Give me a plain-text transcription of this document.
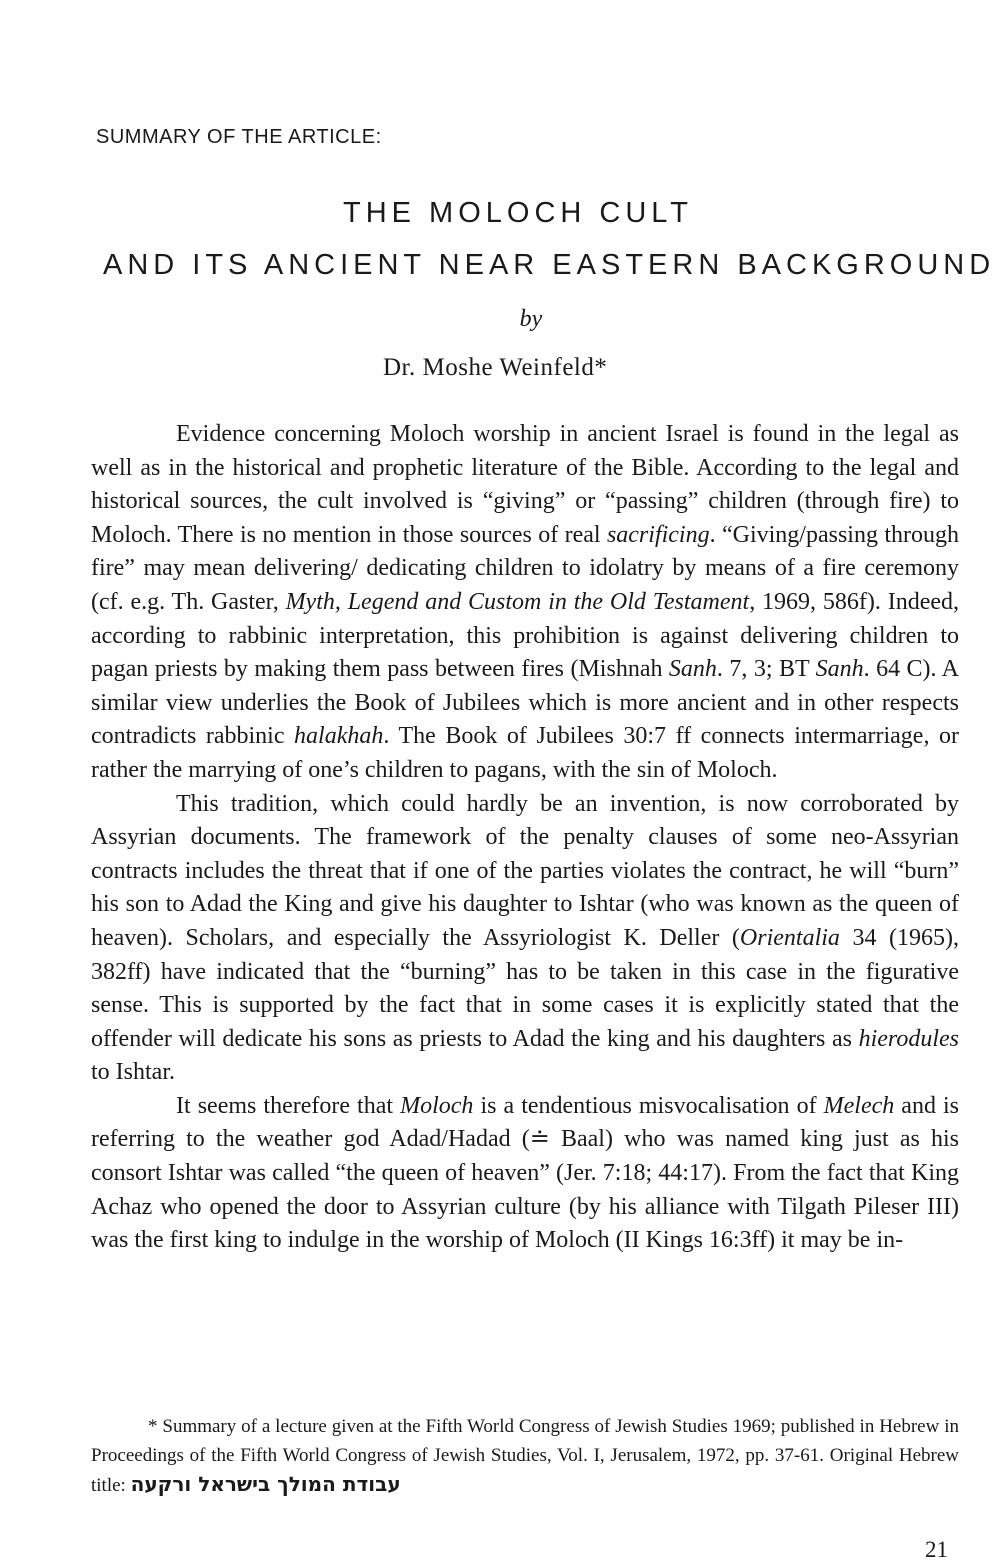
SUMMARY OF THE ARTICLE:
THE MOLOCH CULT
AND ITS ANCIENT NEAR EASTERN BACKGROUND
by
Dr. Moshe Weinfeld*

Evidence concerning Moloch worship in ancient Israel is found in the legal as well as in the historical and prophetic literature of the Bible. According to the legal and historical sources, the cult involved is “giving” or “passing” children (through fire) to Moloch. There is no mention in those sources of real sacrificing. “Giving/passing through fire” may mean delivering/ dedicating children to idolatry by means of a fire ceremony (cf. e.g. Th. Gaster, Myth, Legend and Custom in the Old Testament, 1969, 586f). Indeed, according to rabbinic interpretation, this prohibition is against delivering children to pagan priests by making them pass between fires (Mishnah Sanh. 7, 3; BT Sanh. 64 C). A similar view underlies the Book of Jubilees which is more ancient and in other respects contradicts rabbinic halakhah. The Book of Jubilees 30:7 ff connects intermarriage, or rather the marrying of one’s children to pagans, with the sin of Moloch.

This tradition, which could hardly be an invention, is now corroborated by Assyrian documents. The framework of the penalty clauses of some neo-Assyrian contracts includes the threat that if one of the parties violates the contract, he will “burn” his son to Adad the King and give his daughter to Ishtar (who was known as the queen of heaven). Scholars, and especially the Assyriologist K. Deller (Orientalia 34 (1965), 382ff) have indicated that the “burning” has to be taken in this case in the figurative sense. This is supported by the fact that in some cases it is explicitly stated that the offender will dedicate his sons as priests to Adad the king and his daughters as hierodules to Ishtar.

It seems therefore that Moloch is a tendentious misvocalisation of Melech and is referring to the weather god Adad/Hadad (≐ Baal) who was named king just as his consort Ishtar was called “the queen of heaven” (Jer. 7:18; 44:17). From the fact that King Achaz who opened the door to Assyrian culture (by his alliance with Tilgath Pileser III) was the first king to indulge in the worship of Moloch (II Kings 16:3ff) it may be in-

* Summary of a lecture given at the Fifth World Congress of Jewish Studies 1969; published in Hebrew in Proceedings of the Fifth World Congress of Jewish Studies, Vol. I, Jerusalem, 1972, pp. 37-61. Original Hebrew title: עבודת המולך בישראל ורקעה
21
